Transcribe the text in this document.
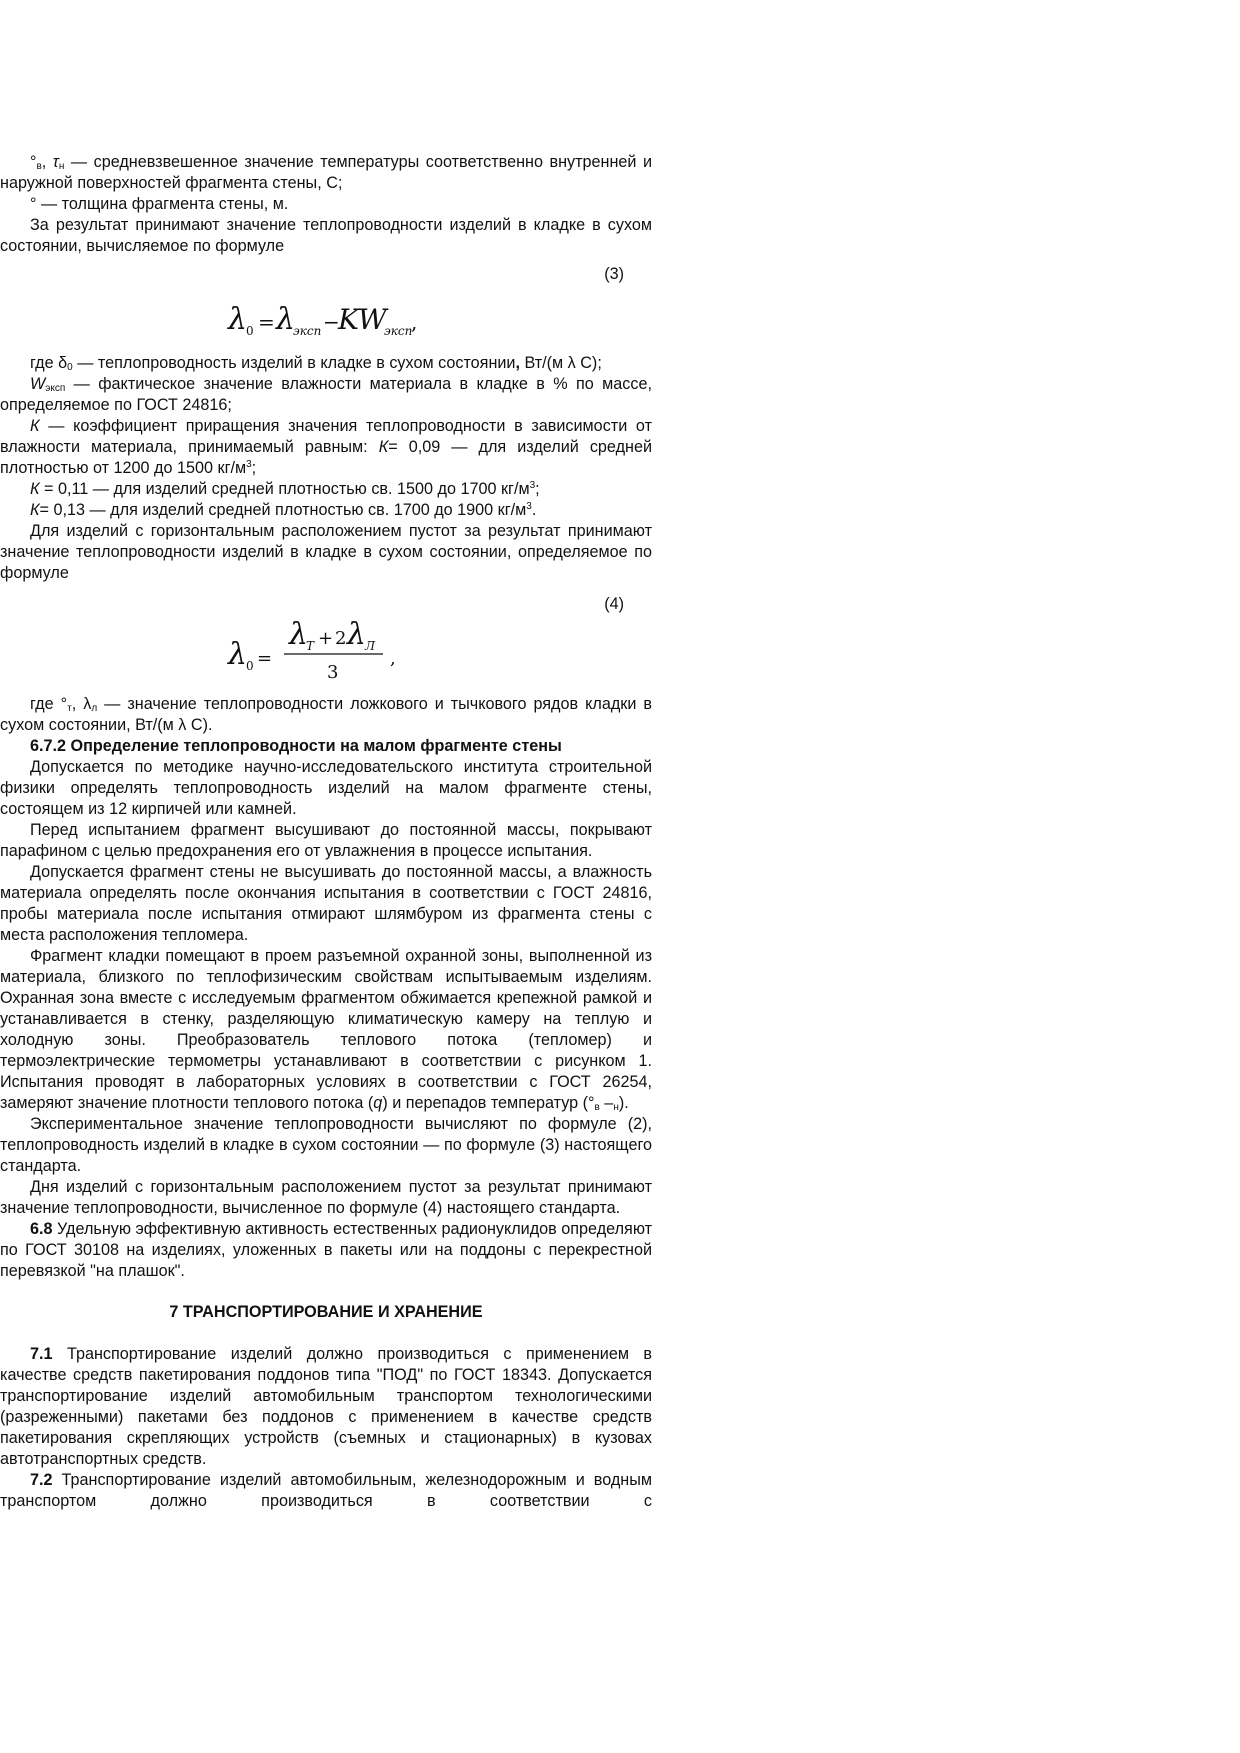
$^\circ_в$, $\tau_н$ — средневзвешенное значение температуры соответственно внутренней и наружной поверхностей фрагмента стены, С;

° — толщина фрагмента стены, м.

За результат принимают значение теплопроводности изделий в кладке в сухом состоянии, вычисляемое по формуле

(3)
λ
0 = λ
эксп −
KW
эксп
,

где $\delta_0$ — теплопроводность изделий в кладке в сухом состоянии, Вт/(м λ С);

$W_{эксп}$ — фактическое значение влажности материала в кладке в % по массе, определяемое по ГОСТ 24816;

К — коэффициент приращения значения теплопроводности в зависимости от влажности материала, принимаемый равным: К= 0,09 — для изделий средней плотностью от 1200 до 1500 $кг/м^3$;

К = 0,11 — для изделий средней плотностью св. 1500 до 1700 $кг/м^3$;

К= 0,13 — для изделий средней плотностью св. 1700 до 1900 $кг/м^3$.

Для изделий с горизонтальным расположением пустот за результат принимают значение теплопроводности изделий в кладке в сухом состоянии, определяемое по формуле

(4)
λ
0 =
λ
Т + 2 λ
Л
3
,

где $^\circ_т$, $\lambda_л$ — значение теплопроводности ложкового и тычкового рядов кладки в сухом состоянии, Вт/(м λ С).

6.7.2 Определение теплопроводности на малом фрагменте стены

Допускается по методике научно-исследовательского института строительной физики определять теплопроводность изделий на малом фрагменте стены, состоящем из 12 кирпичей или камней.

Перед испытанием фрагмент высушивают до постоянной массы, покрывают парафином с целью предохранения его от увлажнения в процессе испытания.

Допускается фрагмент стены не высушивать до постоянной массы, а влажность материала определять после окончания испытания в соответствии с ГОСТ 24816, пробы материала после испытания отмирают шлямбуром из фрагмента стены с места расположения тепломера.

Фрагмент кладки помещают в проем разъемной охранной зоны, выполненной из материала, близкого по теплофизическим свойствам испытываемым изделиям. Охранная зона вместе с исследуемым фрагментом обжимается крепежной рамкой и устанавливается в стенку, разделяющую климатическую камеру на теплую и холодную зоны. Преобразователь теплового потока (тепломер) и термоэлектрические термометры устанавливают в соответствии с рисунком 1. Испытания проводят в лабораторных условиях в соответствии с ГОСТ 26254, замеряют значение плотности теплового потока (q) и перепадов температур ($^\circ_в$ $-_н$).

Экспериментальное значение теплопроводности вычисляют по формуле (2), теплопроводность изделий в кладке в сухом состоянии — по формуле (3) настоящего стандарта.

Дня изделий с горизонтальным расположением пустот за результат принимают значение теплопроводности, вычисленное по формуле (4) настоящего стандарта.

6.8 Удельную эффективную активность естественных радионуклидов определяют по ГОСТ 30108 на изделиях, уложенных в пакеты или на поддоны с перекрестной перевязкой "на плашок".

7 ТРАНСПОРТИРОВАНИЕ И ХРАНЕНИЕ

7.1 Транспортирование изделий должно производиться с применением в качестве средств пакетирования поддонов типа "ПОД" по ГОСТ 18343. Допускается транспортирование изделий автомобильным транспортом технологическими (разреженными) пакетами без поддонов с применением в качестве средств пакетирования скрепляющих устройств (съемных и стационарных) в кузовах автотранспортных средств.

7.2 Транспортирование изделий автомобильным, железнодорожным и водным транспортом должно производиться в соответствии с
